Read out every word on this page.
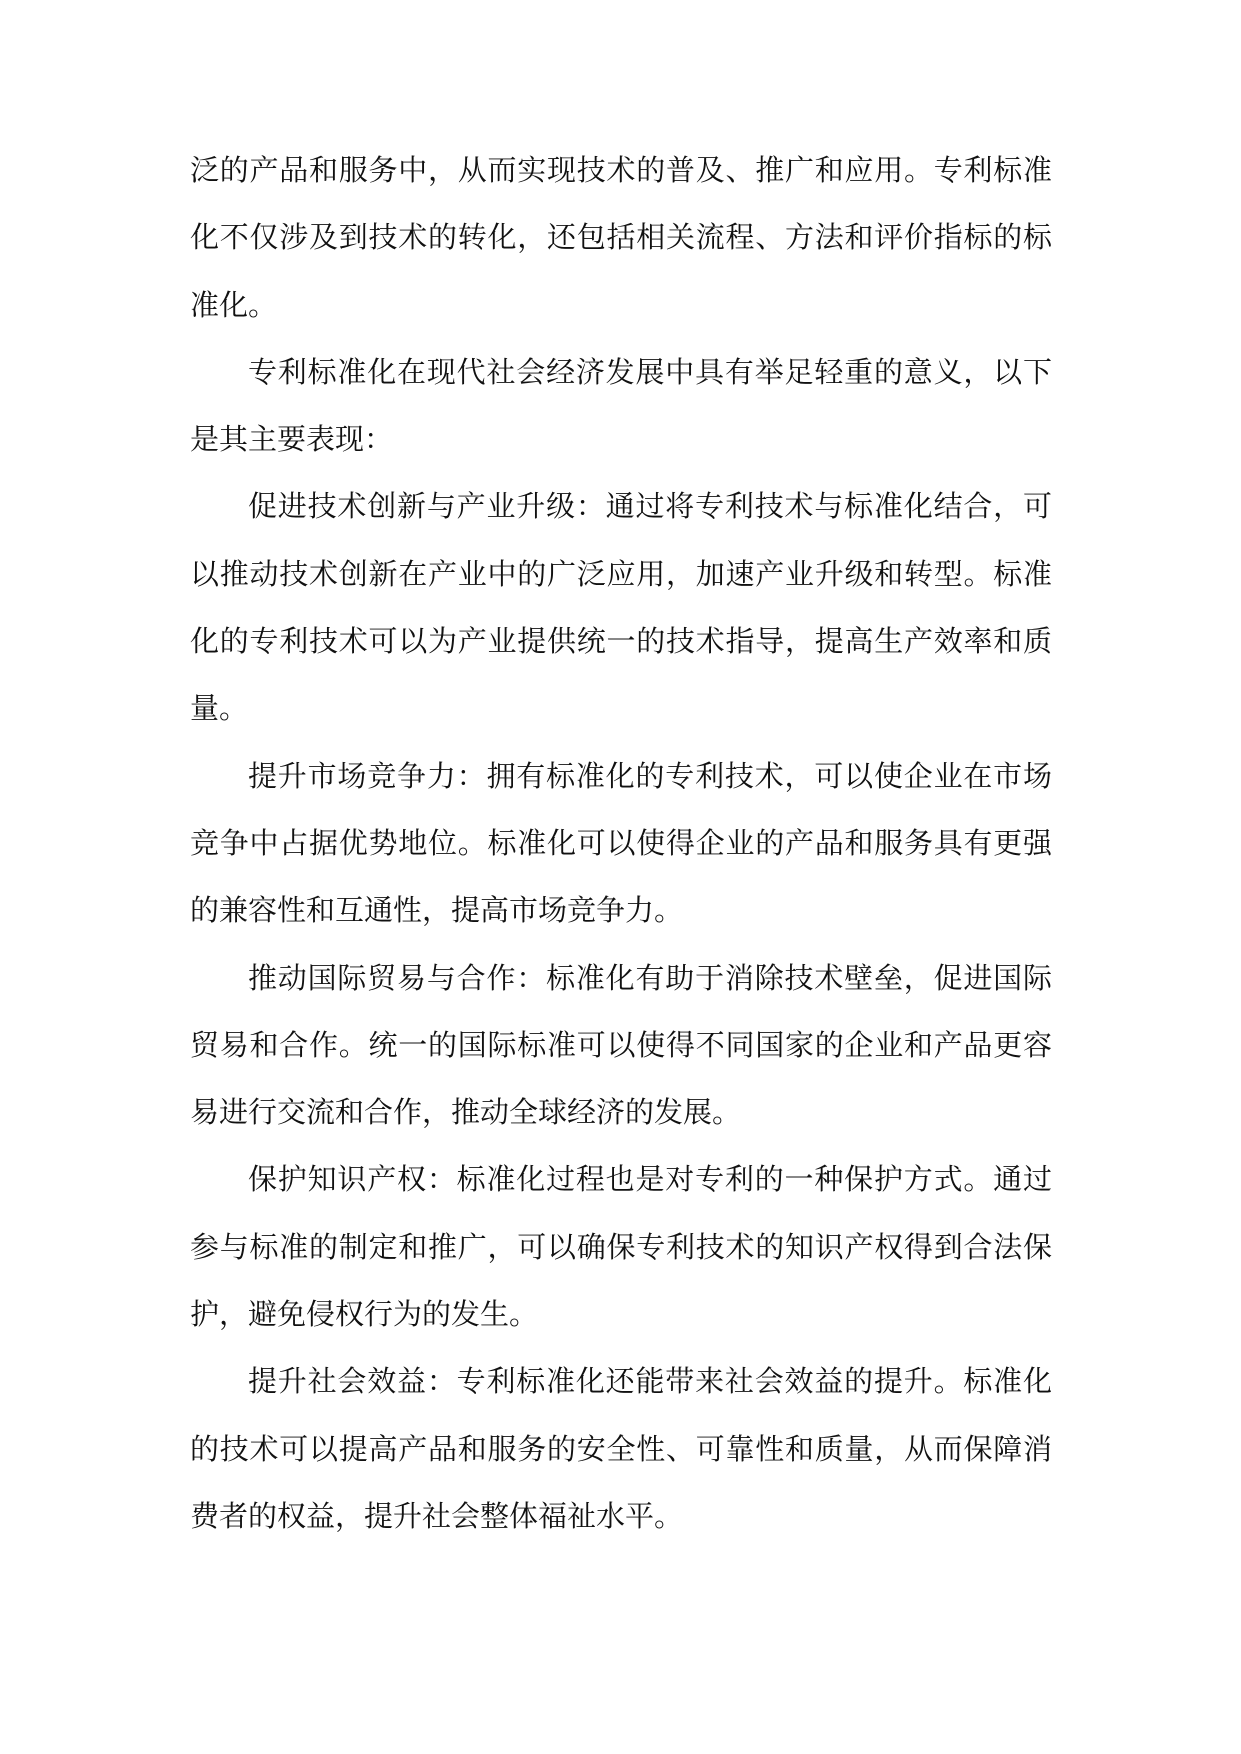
泛的产品和服务中，从而实现技术的普及、推广和应用。专利标准化不仅涉及到技术的转化，还包括相关流程、方法和评价指标的标准化。

专利标准化在现代社会经济发展中具有举足轻重的意义，以下是其主要表现：

促进技术创新与产业升级：通过将专利技术与标准化结合，可以推动技术创新在产业中的广泛应用，加速产业升级和转型。标准化的专利技术可以为产业提供统一的技术指导，提高生产效率和质量。

提升市场竞争力：拥有标准化的专利技术，可以使企业在市场竞争中占据优势地位。标准化可以使得企业的产品和服务具有更强的兼容性和互通性，提高市场竞争力。

推动国际贸易与合作：标准化有助于消除技术壁垒，促进国际贸易和合作。统一的国际标准可以使得不同国家的企业和产品更容易进行交流和合作，推动全球经济的发展。

保护知识产权：标准化过程也是对专利的一种保护方式。通过参与标准的制定和推广，可以确保专利技术的知识产权得到合法保护，避免侵权行为的发生。

提升社会效益：专利标准化还能带来社会效益的提升。标准化的技术可以提高产品和服务的安全性、可靠性和质量，从而保障消费者的权益，提升社会整体福祉水平。
